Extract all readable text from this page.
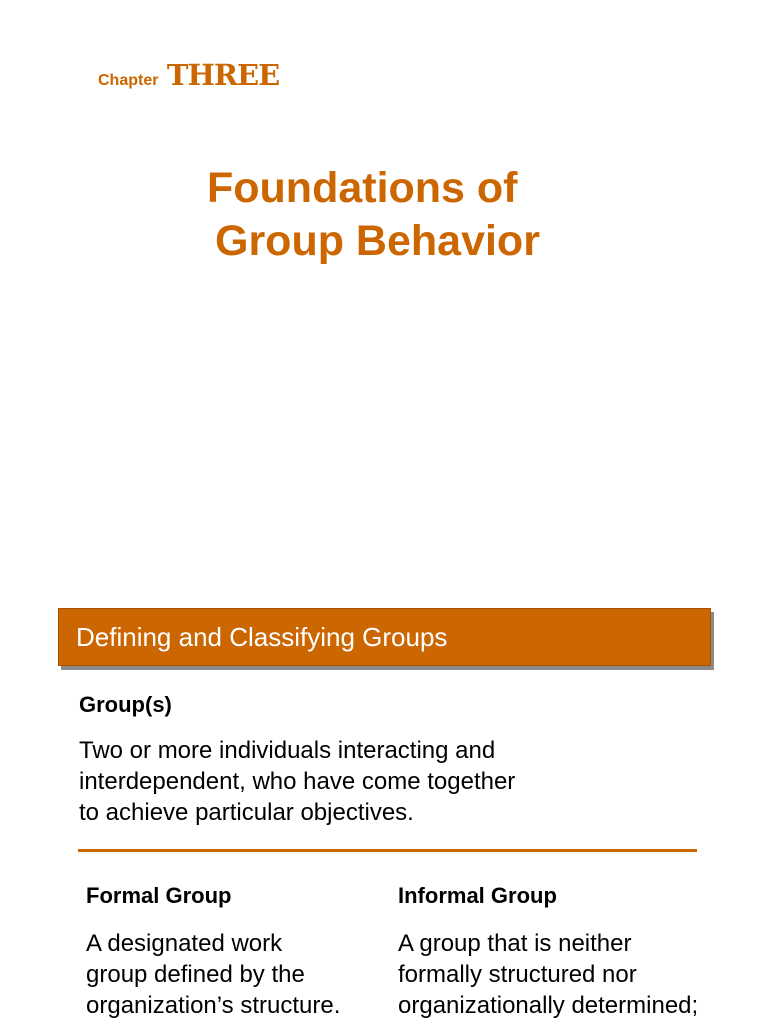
Chapter THREE
Foundations of
Group Behavior
Defining and Classifying Groups
Group(s)
Two or more individuals interacting and
interdependent, who have come together
to achieve particular objectives.
Formal Group
A designated work
group defined by the
organization’s structure.
Informal Group
A group that is neither
formally structured nor
organizationally determined;
